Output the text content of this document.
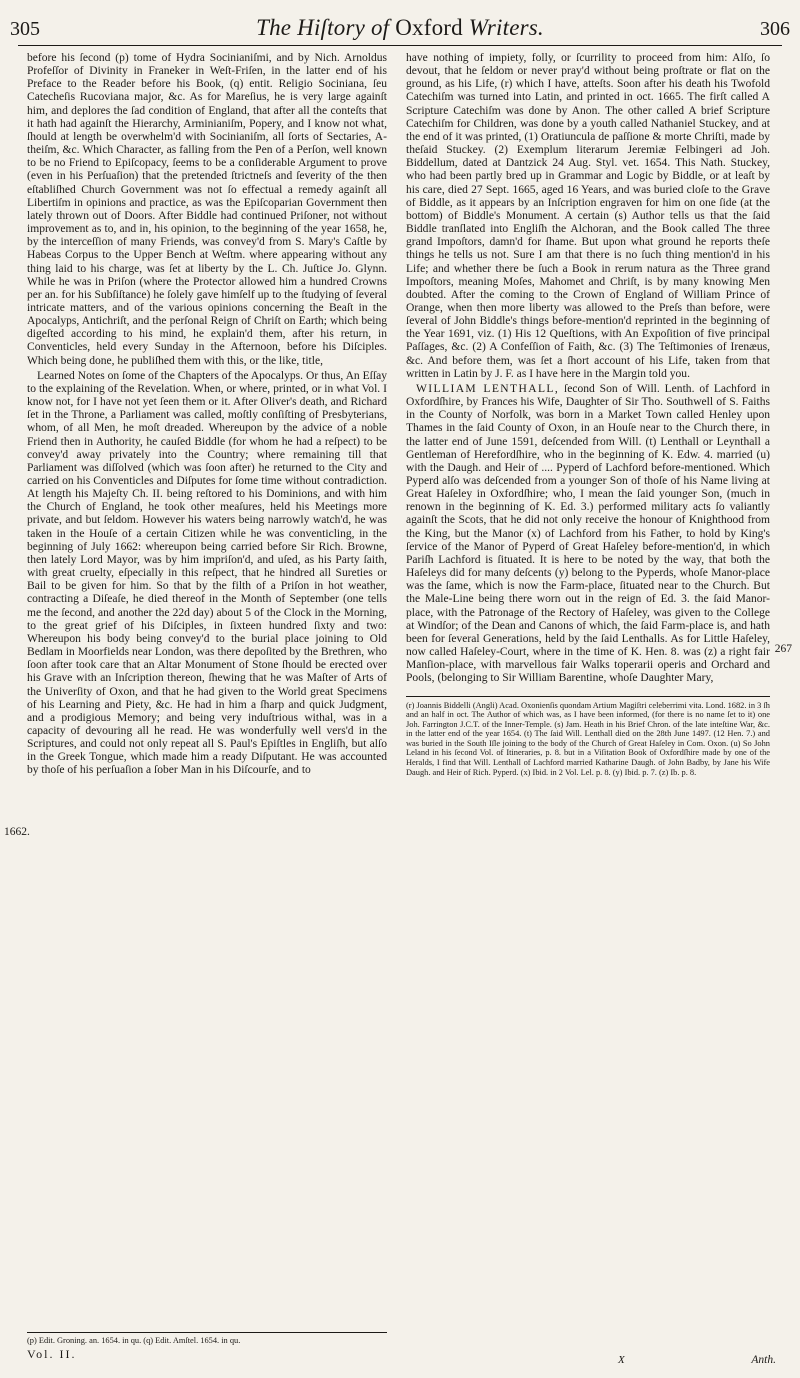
305	The Hiſtory of Oxford Writers.	306
1662.
267

before his ſecond (p) tome of Hydra Socinianiſmi, and by Nich. Arnoldus Profeſſor of Divinity in Franeker in Weſt-Friſen, in the latter end of his Preface to the Reader before his Book, (q) entit. Religio Sociniana, ſeu Catecheſis Rucoviana major, &c. As for Mareſius, he is very large againſt him, and deplores the ſad condition of England, that after all the conteſts that it hath had againſt the Hierarchy, Arminianiſm, Popery, and I know not what, ſhould at length be overwhelm'd with Socinianiſm, all ſorts of Sectaries, A-theiſm, &c. Which Character, as falling from the Pen of a Perſon, well known to be no Friend to Epiſcopacy, ſeems to be a conſiderable Argument to prove (even in his Perſuaſion) that the pretended ſtrictneſs and ſeverity of the then eſtabliſhed Church Government was not ſo effectual a remedy againſt all Libertiſm in opinions and practice, as was the Epiſcoparian Government then lately thrown out of Doors. After Biddle had continued Priſoner, not without improvement as to, and in, his opinion, to the beginning of the year 1658, he, by the interceſſion of many Friends, was convey'd from S. Mary's Caſtle by Habeas Corpus to the Upper Bench at Weſtm. where appearing without any thing laid to his charge, was ſet at liberty by the L. Ch. Juſtice Jo. Glynn. While he was in Priſon (where the Protector allowed him a hundred Crowns per an. for his Subſiſtance) he ſolely gave himſelf up to the ſtudying of ſeveral intricate matters, and of the various opinions concerning the Beaſt in the Apocalyps, Antichriſt, and the perſonal Reign of Chriſt on Earth; which being digeſted according to his mind, he explain'd them, after his return, in Conventicles, held every Sunday in the Afternoon, before his Diſciples. Which being done, he publiſhed them with this, or the like, title,

Learned Notes on ſome of the Chapters of the Apocalyps. Or thus, An Eſſay to the explaining of the Revelation. When, or where, printed, or in what Vol. I know not, for I have not yet ſeen them or it. After Oliver's death, and Richard ſet in the Throne, a Parliament was called, moſtly conſiſting of Presbyterians, whom, of all Men, he moſt dreaded. Whereupon by the advice of a noble Friend then in Authority, he cauſed Biddle (for whom he had a reſpect) to be convey'd away privately into the Country; where remaining till that Parliament was diſſolved (which was ſoon after) he returned to the City and carried on his Conventicles and Diſputes for ſome time without contradiction. At length his Majeſty Ch. II. being reſtored to his Dominions, and with him the Church of England, he took other meaſures, held his Meetings more private, and but ſeldom. However his waters being narrowly watch'd, he was taken in the Houſe of a certain Citizen while he was conventicling, in the beginning of July 1662: whereupon being carried before Sir Rich. Browne, then lately Lord Mayor, was by him impriſon'd, and uſed, as his Party ſaith, with great cruelty, eſpecially in this reſpect, that he hindred all Sureties or Bail to be given for him. So that by the filth of a Priſon in hot weather, contracting a Diſeaſe, he died thereof in the Month of September (one tells me the ſecond, and another the 22d day) about 5 of the Clock in the Morning, to the great grief of his Diſciples, in ſixteen hundred ſixty and two: Whereupon his body being convey'd to the burial place joining to Old Bedlam in Moorfields near London, was there depoſited by the Brethren, who ſoon after took care that an Altar Monument of Stone ſhould be erected over his Grave with an Inſcription thereon, ſhewing that he was Maſter of Arts of the Univerſity of Oxon, and that he had given to the World great Specimens of his Learning and Piety, &c. He had in him a ſharp and quick Judgment, and a prodigious Memory; and being very induſtrious withal, was in a capacity of devouring all he read. He was wonderfully well vers'd in the Scriptures, and could not only repeat all S. Paul's Epiſtles in Engliſh, but alſo in the Greek Tongue, which made him a ready Diſputant. He was accounted by thoſe of his perſuaſion a ſober Man in his Diſcourſe, and to

(p) Edit. Groning. an. 1654. in qu. (q) Edit. Amſtel. 1654. in qu.
Vol. II.

have nothing of impiety, folly, or ſcurrility to proceed from him: Alſo, ſo devout, that he ſeldom or never pray'd without being proſtrate or flat on the ground, as his Life, (r) which I have, atteſts. Soon after his death his Twofold Catechiſm was turned into Latin, and printed in oct. 1665. The firſt called A Scripture Catechiſm was done by Anon. The other called A brief Scripture Catechiſm for Children, was done by a youth called Nathaniel Stuckey, and at the end of it was printed, (1) Oratiuncula de paſſione & morte Chriſti, made by theſaid Stuckey. (2) Exemplum literarum Jeremiæ Felbingeri ad Joh. Biddellum, dated at Dantzick 24 Aug. Styl. vet. 1654. This Nath. Stuckey, who had been partly bred up in Grammar and Logic by Biddle, or at leaſt by his care, died 27 Sept. 1665, aged 16 Years, and was buried cloſe to the Grave of Biddle, as it appears by an Inſcription engraven for him on one ſide (at the bottom) of Biddle's Monument. A certain (s) Author tells us that the ſaid Biddle tranſlated into Engliſh the Alchoran, and the Book called The three grand Impoſtors, damn'd for ſhame. But upon what ground he reports theſe things he tells us not. Sure I am that there is no ſuch thing mention'd in his Life; and whether there be ſuch a Book in rerum natura as the Three grand Impoſtors, meaning Moſes, Mahomet and Chriſt, is by many knowing Men doubted. After the coming to the Crown of England of William Prince of Orange, when then more liberty was allowed to the Preſs than before, were ſeveral of John Biddle's things before-mention'd reprinted in the beginning of the Year 1691, viz. (1) His 12 Queſtions, with An Expoſition of five principal Paſſages, &c. (2) A Confeſſion of Faith, &c. (3) The Teſtimonies of Irenæus, &c. And before them, was ſet a ſhort account of his Life, taken from that written in Latin by J. F. as I have here in the Margin told you.

WILLIAM LENTHALL, ſecond Son of Will. Lenth. of Lachford in Oxfordſhire, by Frances his Wife, Daughter of Sir Tho. Southwell of S. Faiths in the County of Norfolk, was born in a Market Town called Henley upon Thames in the ſaid County of Oxon, in an Houſe near to the Church there, in the latter end of June 1591, deſcended from Will. (t) Lenthall or Leynthall a Gentleman of Herefordſhire, who in the beginning of K. Edw. 4. married (u) with the Daugh. and Heir of .... Pyperd of Lachford before-mentioned. Which Pyperd alſo was deſcended from a younger Son of thoſe of his Name living at Great Haſeley in Oxfordſhire; who, I mean the ſaid younger Son, (much in renown in the beginning of K. Ed. 3.) performed military acts ſo valiantly againſt the Scots, that he did not only receive the honour of Knighthood from the King, but the Manor (x) of Lachford from his Father, to hold by King's ſervice of the Manor of Pyperd of Great Haſeley before-mention'd, in which Pariſh Lachford is ſituated. It is here to be noted by the way, that both the Haſeleys did for many deſcents (y) belong to the Pyperds, whoſe Manor-place was the ſame, which is now the Farm-place, ſituated near to the Church. But the Male-Line being there worn out in the reign of Ed. 3. the ſaid Manor-place, with the Patronage of the Rectory of Haſeley, was given to the College at Windſor; of the Dean and Canons of which, the ſaid Farm-place is, and hath been for ſeveral Generations, held by the ſaid Lenthalls. As for Little Haſeley, now called Haſeley-Court, where in the time of K. Hen. 8. was (z) a right fair Manſion-place, with marvellous fair Walks toperarii operis and Orchard and Pools, (belonging to Sir William Barentine, whoſe Daughter Mary,

(r) Joannis Biddelli (Angli) Acad. Oxonienſis quondam Artium Magiſtri celeberrimi vita. Lond. 1682. in 3 ſh and an half in oct. The Author of which was, as I have been informed, (for there is no name ſet to it) one Joh. Farrington J.C.T. of the Inner-Temple. (s) Jam. Heath in his Brief Chron. of the late inteſtine War, &c. in the latter end of the year 1654. (t) The ſaid Will. Lenthall died on the 28th June 1497. (12 Hen. 7.) and was buried in the South Iſle joining to the body of the Church of Great Haſeley in Com. Oxon. (u) So John Leland in his ſecond Vol. of Itineraries, p. 8. but in a Viſitation Book of Oxfordſhire made by one of the Heralds, I find that Will. Lenthall of Lachford married Katharine Daugh. of John Badby, by Jane his Wife Daugh. and Heir of Rich. Pyperd. (x) Ibid. in 2 Vol. Lel. p. 8. (y) Ibid. p. 7. (z) Ib. p. 8.
X	Anth.
